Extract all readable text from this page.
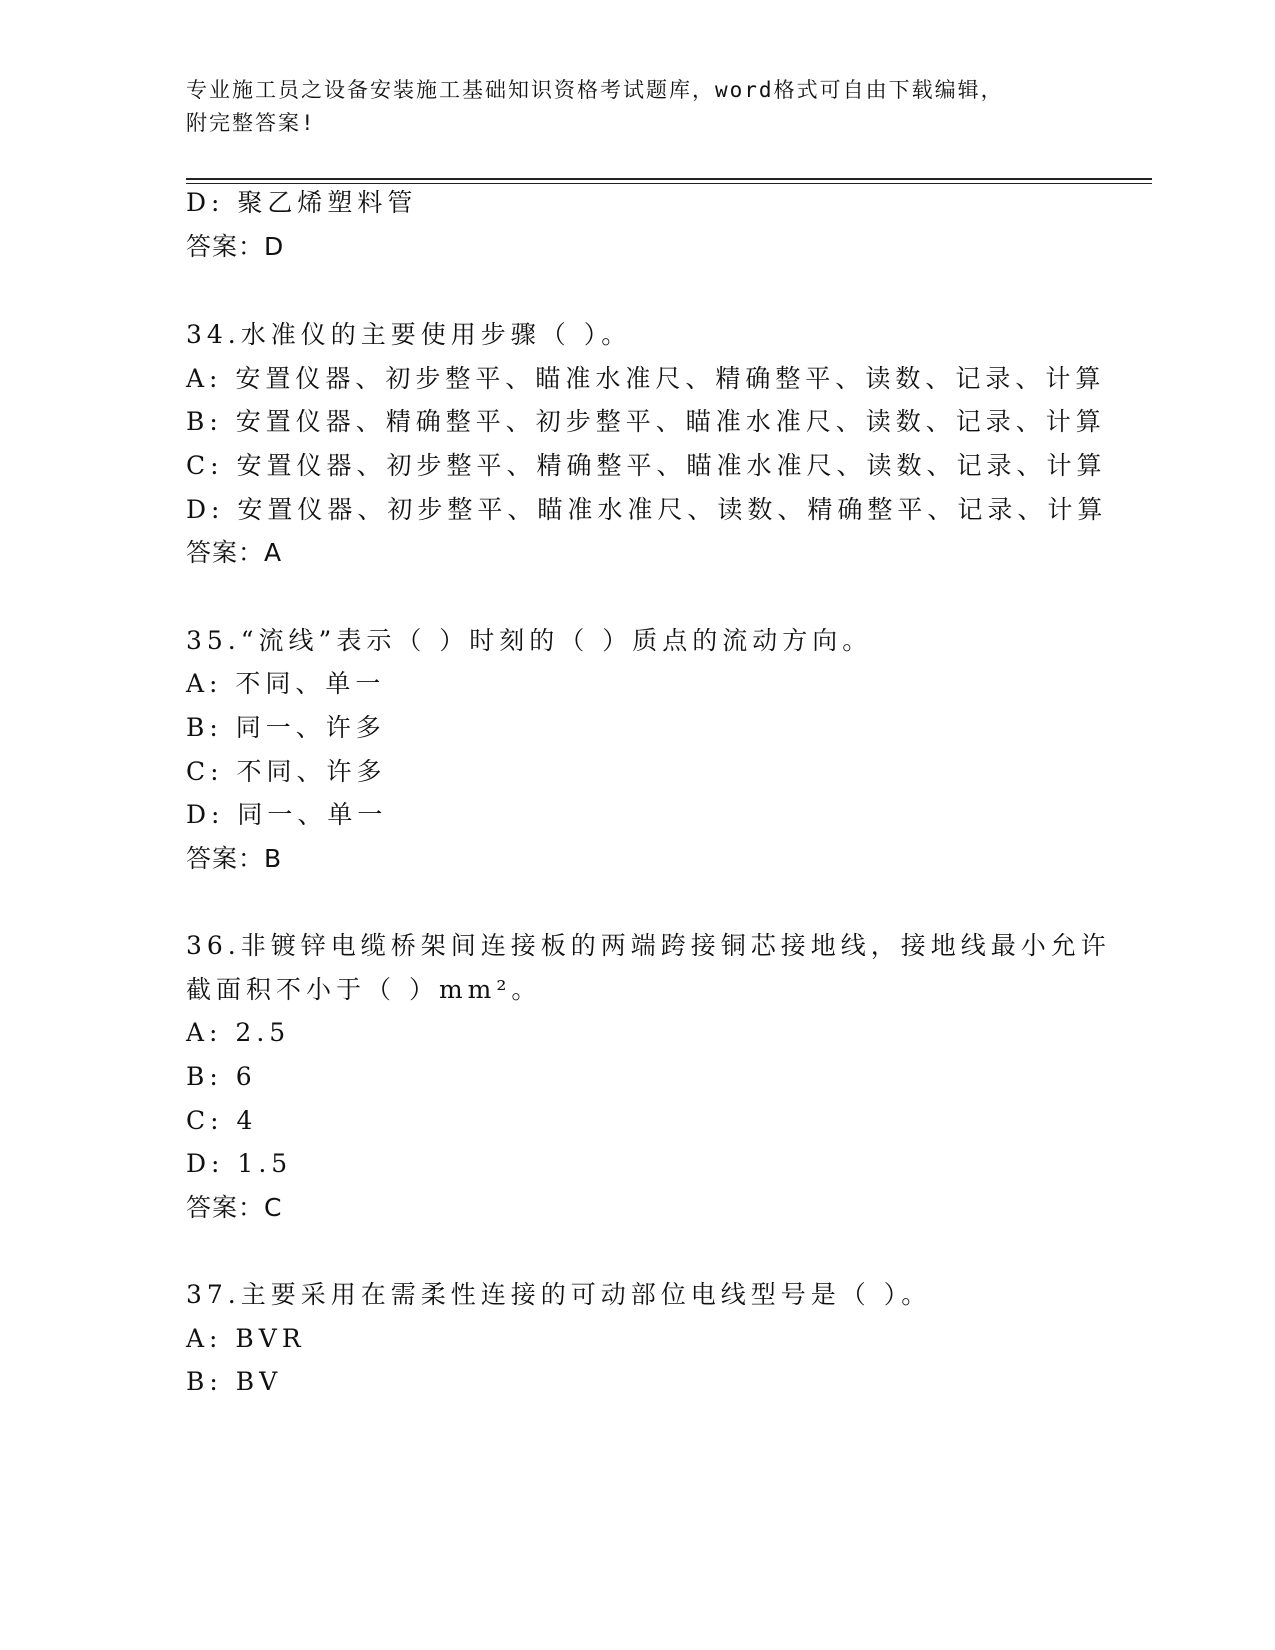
专业施工员之设备安装施工基础知识资格考试题库，word格式可自由下载编辑，
附完整答案!
D: 聚乙烯塑料管
答案：D
34.水准仪的主要使用步骤（ ）。
A: 安置仪器、初步整平、瞄准水准尺、精确整平、读数、记录、计算
B: 安置仪器、精确整平、初步整平、瞄准水准尺、读数、记录、计算
C: 安置仪器、初步整平、精确整平、瞄准水准尺、读数、记录、计算
D: 安置仪器、初步整平、瞄准水准尺、读数、精确整平、记录、计算
答案：A
35.“流线”表示（ ）时刻的（ ）质点的流动方向。
A: 不同、单一
B: 同一、许多
C: 不同、许多
D: 同一、单一
答案：B
36.非镀锌电缆桥架间连接板的两端跨接铜芯接地线，接地线最小允许
截面积不小于（ ）mm²。
A: 2.5
B: 6
C: 4
D: 1.5
答案：C
37.主要采用在需柔性连接的可动部位电线型号是（ ）。
A: BVR
B: BV
